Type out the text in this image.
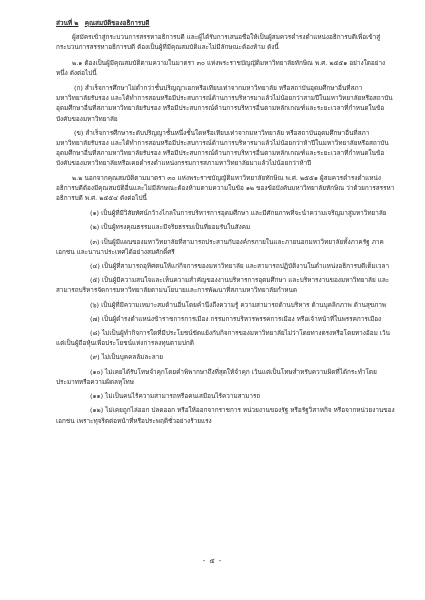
ส่วนที่ ๒ คุณสมบัติของอธิการบดี

ผู้สมัครเข้าสู่กระบวนการสรรหาอธิการบดี และผู้ได้รับการเสนอชื่อให้เป็นผู้สมควรดำรงตำแหน่งอธิการบดีเพื่อเข้าสู่กระบวนการสรรหาอธิการบดี ต้องเป็นผู้ที่มีคุณสมบัติและไม่มีลักษณะต้องห้าม ดังนี้

๒.๑ ต้องเป็นผู้มีคุณสมบัติตามความในมาตรา ๓๐ แห่งพระราชบัญญัติมหาวิทยาลัยทักษิณ พ.ศ. ๒๕๕๑ อย่างใดอย่างหนึ่ง ดังต่อไปนี้

(ก) สำเร็จการศึกษาไม่ต่ำกว่าชั้นปริญญาเอกหรือเทียบเท่าจากมหาวิทยาลัย หรือสถาบันอุดมศึกษาอื่นที่สภามหาวิทยาลัยรับรอง และได้ทำการสอนหรือมีประสบการณ์ด้านการบริหารมาแล้วไม่น้อยกว่าสามปีในมหาวิทยาลัยหรือสถาบันอุดมศึกษาอื่นที่สภามหาวิทยาลัยรับรอง หรือมีประสบการณ์ด้านการบริหารอื่นตามหลักเกณฑ์และระยะเวลาที่กำหนดในข้อบังคับของมหาวิทยาลัย

(ข) สำเร็จการศึกษาระดับปริญญาชั้นหนึ่งชั้นใดหรือเทียบเท่าจากมหาวิทยาลัย หรือสถาบันอุดมศึกษาอื่นที่สภามหาวิทยาลัยรับรอง และได้ทำการสอนหรือมีประสบการณ์ด้านการบริหารมาแล้วไม่น้อยกว่าห้าปีในมหาวิทยาลัยหรือสถาบันอุดมศึกษาอื่นที่สภามหาวิทยาลัยรับรอง หรือมีประสบการณ์ด้านการบริหารอื่นตามหลักเกณฑ์และระยะเวลาที่กำหนดในข้อบังคับของมหาวิทยาลัยหรือเคยดำรงตำแหน่งกรรมการสภามหาวิทยาลัยมาแล้วไม่น้อยกว่าห้าปี

๒.๒ นอกจากคุณสมบัติตามมาตรา ๓๐ แห่งพระราชบัญญัติมหาวิทยาลัยทักษิณ พ.ศ. ๒๕๕๑ ผู้สมควรดำรงตำแหน่งอธิการบดีต้องมีคุณสมบัติอื่นและไม่มีลักษณะต้องห้ามตามความในข้อ ๑๒ ของข้อบังคับมหาวิทยาลัยทักษิณ ว่าด้วยการสรรหาอธิการบดี พ.ศ. ๒๕๕๔ ดังต่อไปนี้

(๑) เป็นผู้ที่มีวิสัยทัศน์กว้างไกลในการบริหารการอุดมศึกษา และมีศักยภาพที่จะนำความเจริญมาสู่มหาวิทยาลัย

(๒) เป็นผู้ทรงคุณธรรมและมีจริยธรรมเป็นที่ยอมรับในสังคม

(๓) เป็นผู้มีแผนของมหาวิทยาลัยที่สามารถประสานกับองค์กรภายในและภายนอกมหาวิทยาลัยทั้งภาครัฐ ภาคเอกชน และนานาประเทศได้อย่างสมศักดิ์ศรี

(๔) เป็นผู้ที่สามารถอุทิศตนให้แก่กิจการของมหาวิทยาลัย และสามารถปฏิบัติงานในตำแหน่งอธิการบดีเต็มเวลา

(๕) เป็นผู้มีความสนใจและเห็นความสำคัญของงานบริหารการอุดมศึกษา และบริหารงานของมหาวิทยาลัย และสามารถบริหารจัดการมหาวิทยาลัยตามนโยบายและการพัฒนาที่สภามหาวิทยาลัยกำหนด

(๖) เป็นผู้ที่มีความเหมาะสมด้านอื่นโดยคำนึงถึงความรู้ ความสามารถด้านบริหาร ด้านบุคลิกภาพ ด้านสุขภาพ

(๗) เป็นผู้ดำรงตำแหน่งข้าราชการการเมือง กรรมการบริหารพรรคการเมือง หรือเจ้าหน้าที่ในพรรคการเมือง

(๘) ไม่เป็นผู้ทำกิจการใดที่มีประโยชน์ขัดแย้งกับกิจการของมหาวิทยาลัยไม่ว่าโดยทางตรงหรือโดยทางอ้อม เว้นแต่เป็นผู้ถือหุ้นเพื่อประโยชน์แห่งการลงทุนตามปกติ

(๙) ไม่เป็นบุคคลล้มละลาย

(๑๐) ไม่เคยได้รับโทษจำคุกโดยคำพิพากษาถึงที่สุดให้จำคุก เว้นแต่เป็นโทษสำหรับความผิดที่ได้กระทำโดยประมาทหรือความผิดลหุโทษ

(๑๑) ไม่เป็นคนไร้ความสามารถหรือคนเสมือนไร้ความสามารถ

(๑๒) ไม่เคยถูกไล่ออก ปลดออก หรือให้ออกจากราชการ หน่วยงานของรัฐ หรือรัฐวิสาหกิจ หรือจากหน่วยงานของเอกชน เพราะทุจริตต่อหน้าที่หรือประพฤติชั่วอย่างร้ายแรง

- ๕ -
